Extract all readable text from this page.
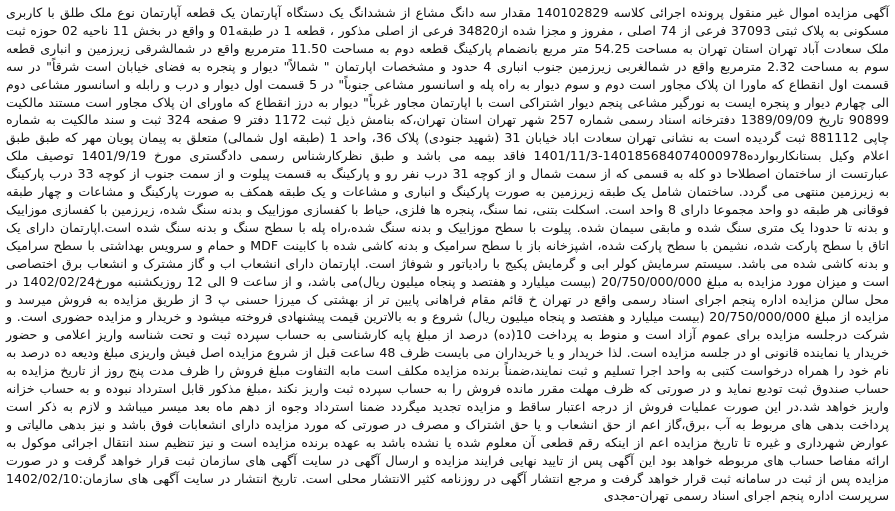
آگهی مزایده اموال غیر منقول پرونده اجرائی کلاسه 140102829 مقدار سه دانگ مشاع از ششدانگ یک دستگاه آپارتمان یک قطعه آپارتمان نوع ملک طلق با کاربری مسکونی به پلاک ثبتی 37093 فرعی از 74 اصلی ، مفروز و مجزا شده از34820 فرعی از اصلی مذکور ، قطعه 1 در طبقه01 و واقع در بخش 11 ناحیه 02 حوزه ثبت ملک سعادت آباد تهران استان تهران به مساحت 54.25 متر مربع بانضمام پارکینگ قطعه دوم به مساحت 11.50 مترمربع واقع در شمالشرقی زیرزمین و انباری قطعه سوم به مساحت 2.32 مترمربع واقع در شمالغربی زیرزمین جنوب انباری 4 حدود و مشخصات اپارتمان " شمالاً" دیوار و پنجره به فضای خیابان است شرقاً" در سه قسمت اول انقطاع که ماورا ان پلاک مجاور است دوم و سوم دیوار به راه پله و اسانسور مشاعی جنوباً" در 5 قسمت اول دیوار و درب و رابله و اسانسور مشاعی دوم الی چهارم دیوار و پنجره ایست به نورگیر مشاعی پنجم دیوار اشتراکی است با اپارتمان مجاور غرباً" دیوار به درز انقطاع که ماورای ان پلاک مجاور است مستند مالکیت 90899 تاریخ 1389/09/09 دفترخانه اسناد رسمی شماره 257 شهر تهران استان تهران،که بنامش ذیل ثبت 1172 دفتر 9 صفحه 324 ثبت و سند مالکیت به شماره چاپی 881112 ثبت گردیده است به نشانی تهران سعادت اباد خیابان 31 (شهید جنودی) پلاک 36، واحد 1 (طبقه اول شمالی) متعلق به پیمان پویان مهر که طبق طبق اعلام وکیل بستانکاربوارده140185684074000978-1401/11/3 فاقد بیمه می باشد و طبق نظرکارشناس رسمی دادگستری مورخ 1401/9/19 توصیف ملک عبارتست از ساختمان اصطلاحا دو کله به قسمی که از سمت شمال و از کوچه 31 درب نفر رو و پارکینگ به قسمت پیلوت و از سمت جنوب از کوچه 33 درب پارکینگ به زیرزمین منتهی می گردد. ساختمان شامل یک طبقه زیرزمین به صورت پارکینگ و انباری و مشاعات و یک طبقه همکف به صورت پارکینگ و مشاعات و چهار طبقه فوقانی هر طبقه دو واحد مجموعا دارای 8 واحد است. اسکلت بتنی، نما سنگ، پنجره ها فلزی، حیاط با کفسازی موزاییک و بدنه سنگ شده، زیرزمین با کفسازی موزاییک و بدنه تا حدودا یک متری سنگ شده و مابقی سیمان شده. پیلوت با سطح موزاییک و بدنه سنگ شده،راه پله با سطح سنگ و بدنه سنگ شده است.اپارتمان دارای یک اتاق با سطح پارکت شده، نشیمن با سطح پارکت شده، اشپزخانه باز با سطح سرامیک و بدنه کاشی شده با کابینت MDF و حمام و سرویس بهداشتی با سطح سرامیک و بدنه کاشی شده می باشد. سیستم سرمایش کولر ابی و گرمایش پکیج با رادیاتور و شوفاژ است. اپارتمان دارای انشعاب اب و گاز مشترک و انشعاب برق اختصاصی است و میزان مورد مزایده به مبلغ 20/750/000/000 (بیست میلیارد و هفتصد و پنجاه میلیون ریال)می باشد، و از ساعت 9 الی 12 روزیکشنبه مورخ1402/02/24 در محل سالن مزایده اداره پنجم اجرای اسناد رسمی واقع در تهران خ قائم مقام فراهانی پایین تر از بهشتی ک میرزا حسنی پ 3 از طریق مزایده به فروش میرسد و مزایده از مبلغ 20/750/000/000 (بیست میلیارد و هفتصد و پنجاه میلیون ریال) شروع و به بالاترین قیمت پیشنهادی فروخته میشود و خریدار و مزایده حضوری است. و شرکت درجلسه مزایده برای عموم آزاد است و منوط به پرداخت 10(ده) درصد از مبلغ پایه کارشناسی به حساب سپرده ثبت و تحت شناسه واریز اعلامی و حضور خریدار یا نماینده قانونی او در جلسه مزایده است. لذا خریدار و یا خریداران می بایست ظرف 48 ساعت قبل از شروع مزایده اصل فیش واریزی مبلغ ودیعه ده درصد به نام خود را همراه درخواست کتبی به واحد اجرا تسلیم و ثبت نمایند،ضمناً برنده مزایده مکلف است مابه التفاوت مبلغ فروش را ظرف مدت پنج روز از تاریخ مزایده به حساب صندوق ثبت تودیع نماید و در صورتی که ظرف مهلت مقرر مانده فروش را به حساب سپرده ثبت واریز نکند ،مبلغ مذکور قابل استرداد نبوده و به حساب خزانه واریز خواهد شد.در این صورت عملیات فروش از درجه اعتبار ساقط و مزایده تجدید میگردد ضمنا استرداد وجوه از دهم ماه بعد میسر میباشد و لازم به ذکر است پرداخت بدهی های مربوط به آب ،برق،گاز اعم از حق انشعاب و یا حق اشتراک و مصرف در صورتی که مورد مزایده دارای انشعابات فوق باشد و نیز بدهی مالیاتی و عوارض شهرداری و غیره تا تاریخ مزایده اعم از اینکه رقم قطعی آن معلوم شده یا نشده باشد به عهده برنده مزایده است و نیز تنظیم سند انتقال اجرائی موکول به ارائه مفاصا حساب های مربوطه خواهد بود این آگهی پس از تایید نهایی فرایند مزایده و ارسال آگهی در سایت آگهی های سازمان ثبت قرار خواهد گرفت و در صورت مزایده پس از ثبت در سامانه ثبت قرار خواهد گرفت و مرجع انتشار آگهی در روزنامه کثیر الانتشار محلی است. تاریخ انتشار در سایت آگهی های سازمان:1402/02/10 سرپرست اداره پنجم اجرای اسناد رسمی تهران-مجدی
